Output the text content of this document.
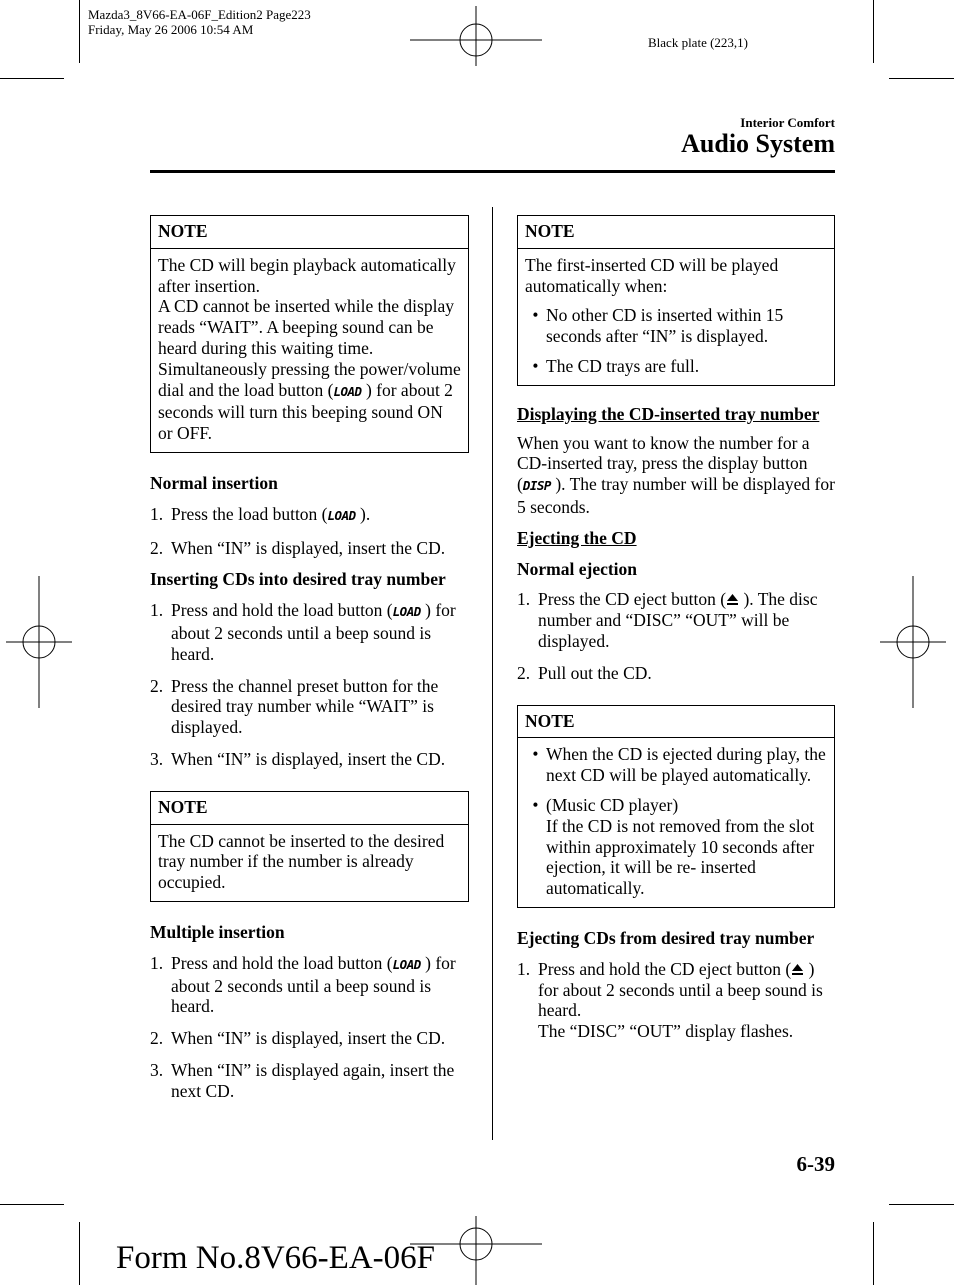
Mazda3_8V66-EA-06F_Edition2 Page223
Friday, May 26 2006 10:54 AM
Black plate (223,1)
Interior Comfort
Audio System
NOTE
The CD will begin playback automatically after insertion.
A CD cannot be inserted while the display reads “WAIT”. A beeping sound can be heard during this waiting time. Simultaneously pressing the power/volume dial and the load button (LOAD ) for about 2 seconds will turn this beeping sound ON or OFF.
Normal insertion
1. Press the load button (LOAD ).
2. When “IN” is displayed, insert the CD.
Inserting CDs into desired tray number
1. Press and hold the load button (LOAD ) for about 2 seconds until a beep sound is heard.
2. Press the channel preset button for the desired tray number while “WAIT” is displayed.
3. When “IN” is displayed, insert the CD.
NOTE
The CD cannot be inserted to the desired tray number if the number is already occupied.
Multiple insertion
1. Press and hold the load button (LOAD ) for about 2 seconds until a beep sound is heard.
2. When “IN” is displayed, insert the CD.
3. When “IN” is displayed again, insert the next CD.
NOTE
The first-inserted CD will be played automatically when:
• No other CD is inserted within 15 seconds after “IN” is displayed.
• The CD trays are full.
Displaying the CD-inserted tray number
When you want to know the number for a CD-inserted tray, press the display button (DISP ). The tray number will be displayed for 5 seconds.
Ejecting the CD
Normal ejection
1. Press the CD eject button ( ). The disc number and “DISC” “OUT” will be displayed.
2. Pull out the CD.
NOTE
• When the CD is ejected during play, the next CD will be played automatically.
• (Music CD player)
If the CD is not removed from the slot within approximately 10 seconds after ejection, it will be re- inserted automatically.
Ejecting CDs from desired tray number
1. Press and hold the CD eject button ( ) for about 2 seconds until a beep sound is heard.
The “DISC” “OUT” display flashes.
6-39
Form No.8V66-EA-06F
